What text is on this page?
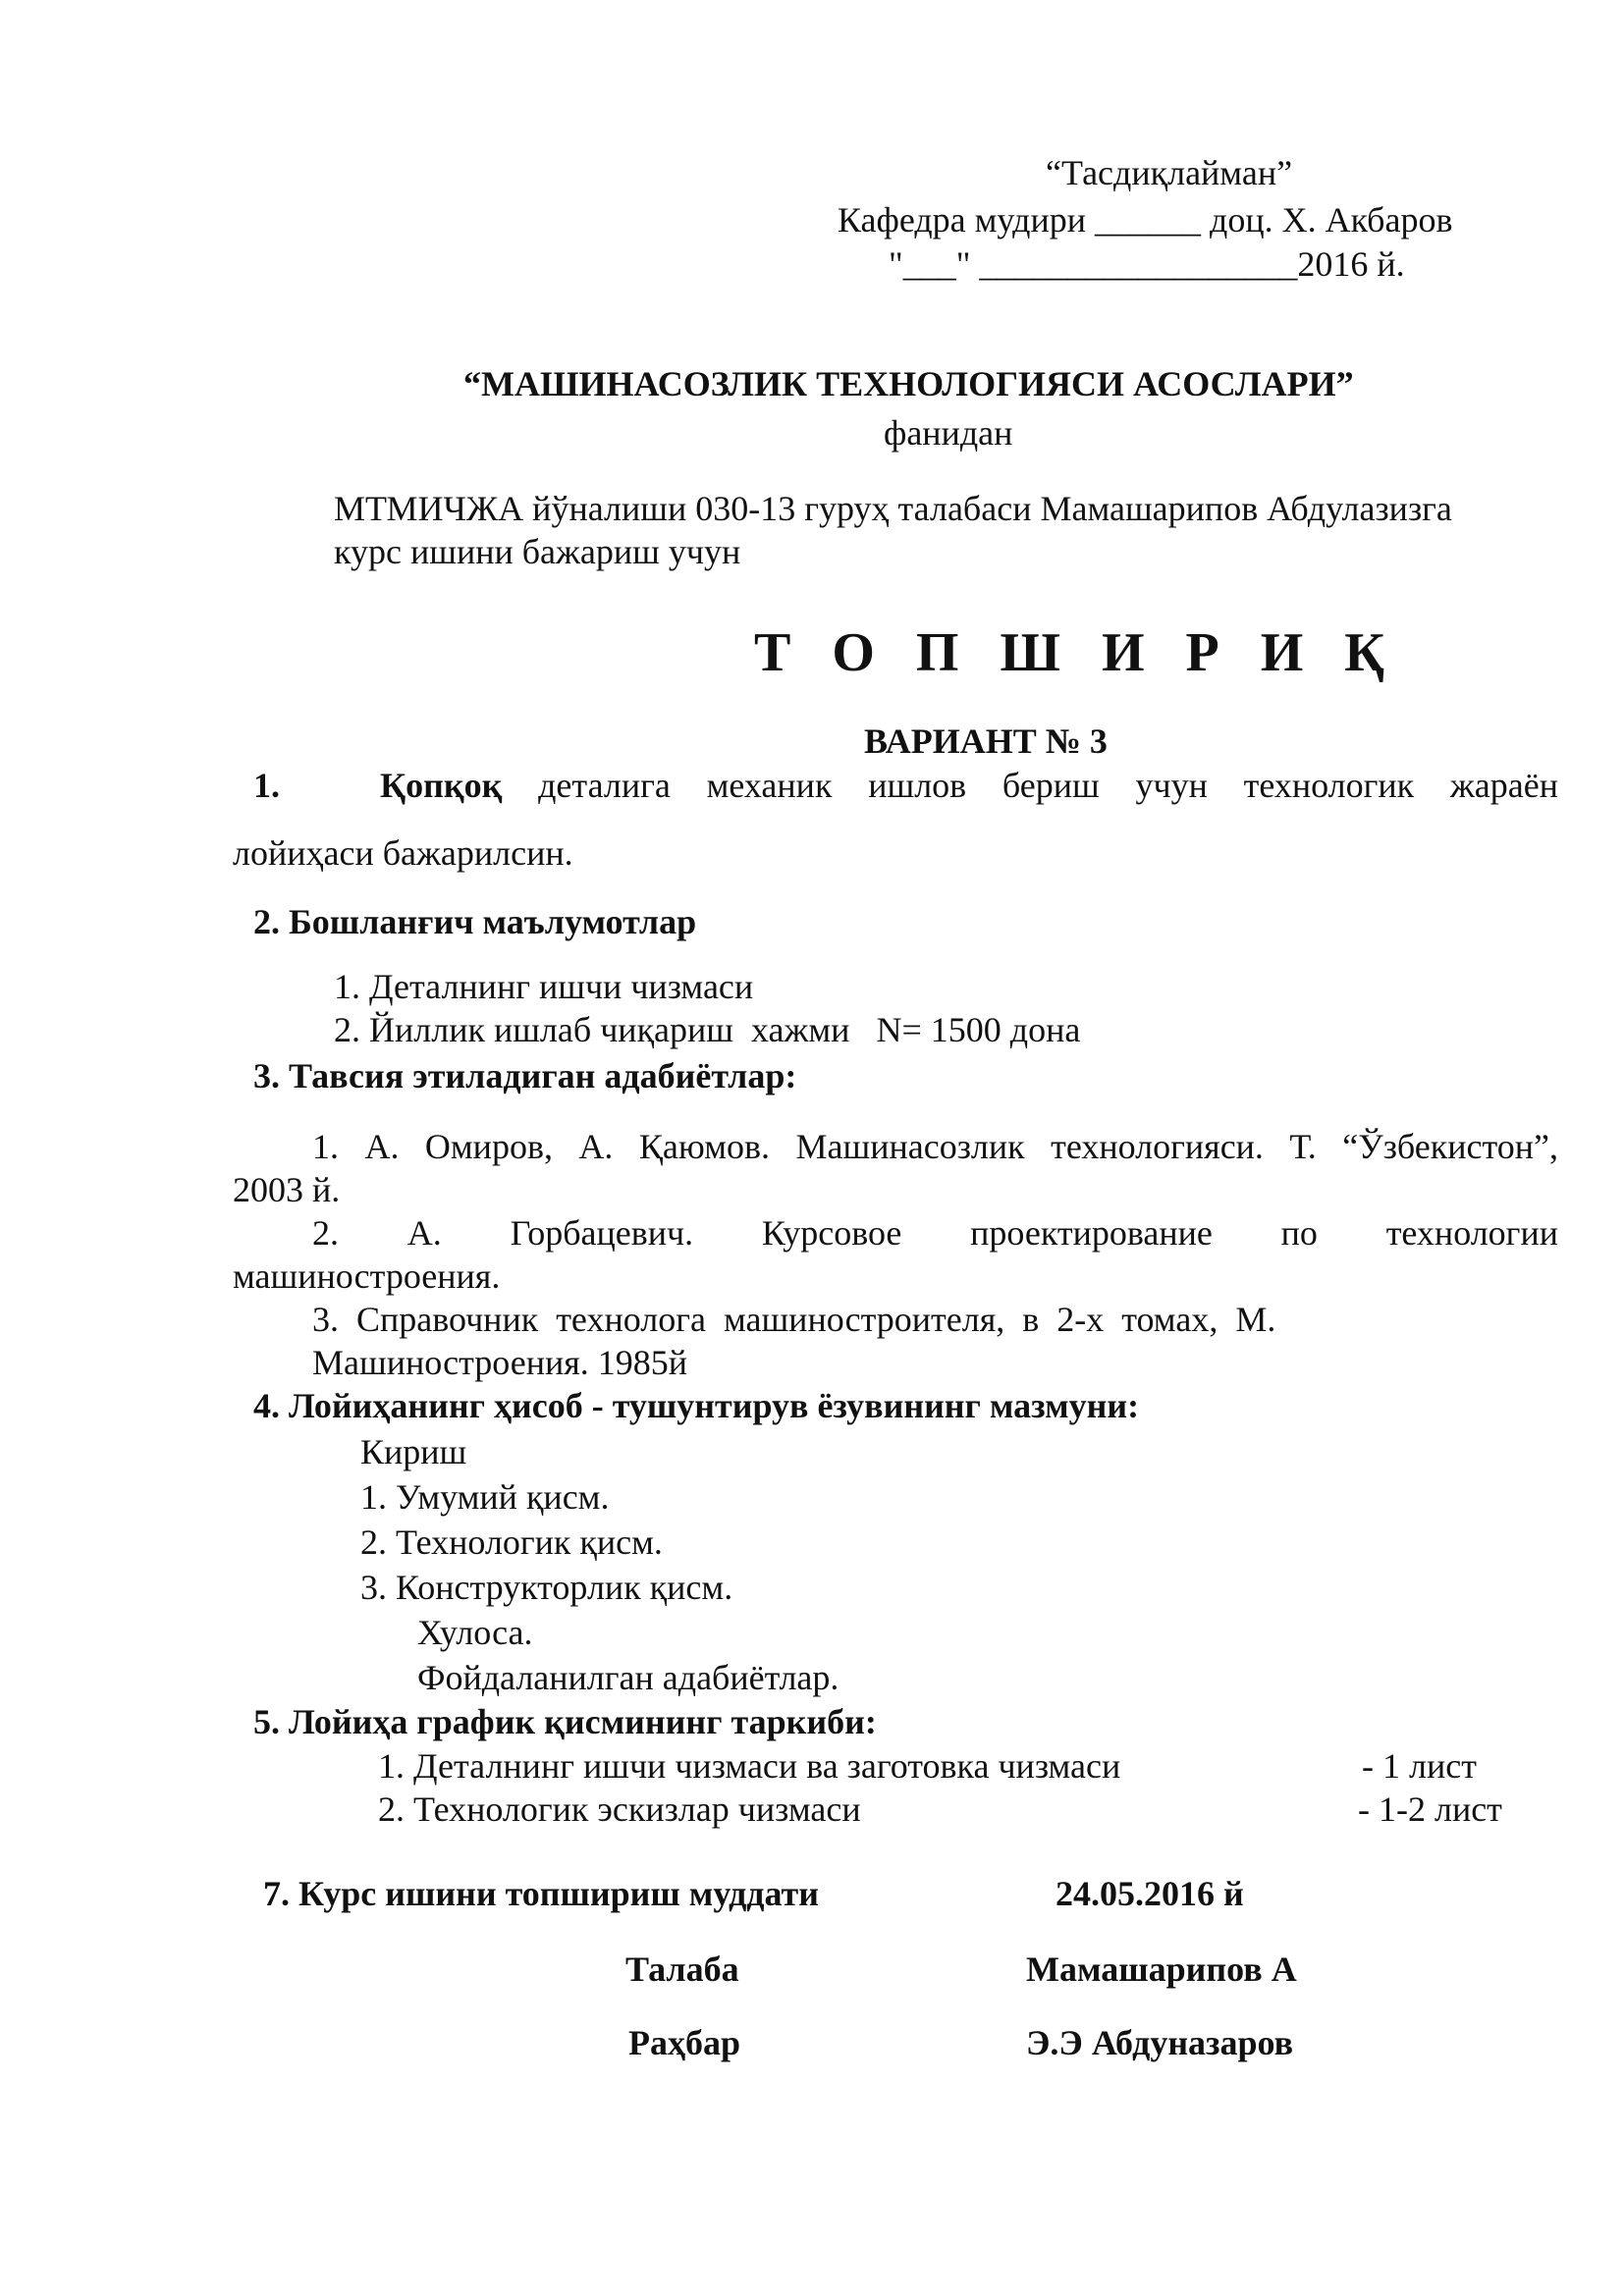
“Тасдиқлайман”
Кафедра мудири ______ доц. Х. Акбаров
"___" __________________2016 й.
“МАШИНАСОЗЛИК ТЕХНОЛОГИЯСИ АСОСЛАРИ”
фанидан
МТМИЧЖА йўналиши 030-13 гуруҳ талабаси Мамашарипов Абдулазизга
курс ишини бажариш учун
Т О П Ш И Р И Қ
ВАРИАНТ № 3
1.	Қопқоқ деталига механик ишлов бериш учун технологик жараён
лойиҳаси бажарилсин.
2. Бошланғич маълумотлар
1. Деталнинг ишчи чизмаси
2. Йиллик ишлаб чиқариш  хажми   N= 1500 дона
3. Тавсия этиладиган адабиётлар:
1. А. Омиров, А. Қаюмов. Машинасозлик технологияси. Т. “Ўзбекистон”,
2003 й.
2. А. Горбацевич. Курсовое проектирование по технологии
машиностроения.
3.  Справочник  технолога  машиностроителя,  в  2-х  томах,  М.
Машиностроения. 1985й
4. Лойиҳанинг ҳисоб - тушунтирув ёзувининг мазмуни:
Кириш
1. Умумий қисм.
2. Технологик қисм.
3. Конструкторлик қисм.
Хулоса.
Фойдаланилган адабиётлар.
5. Лойиҳа график қисмининг таркиби:
1. Деталнинг ишчи чизмаси ва заготовка чизмаси	- 1 лист
2. Технологик эскизлар чизмаси	- 1-2 лист
7. Курс ишини топшириш муддати	24.05.2016 й
Талаба	Мамашарипов А
Раҳбар	Э.Э Абдуназаров
